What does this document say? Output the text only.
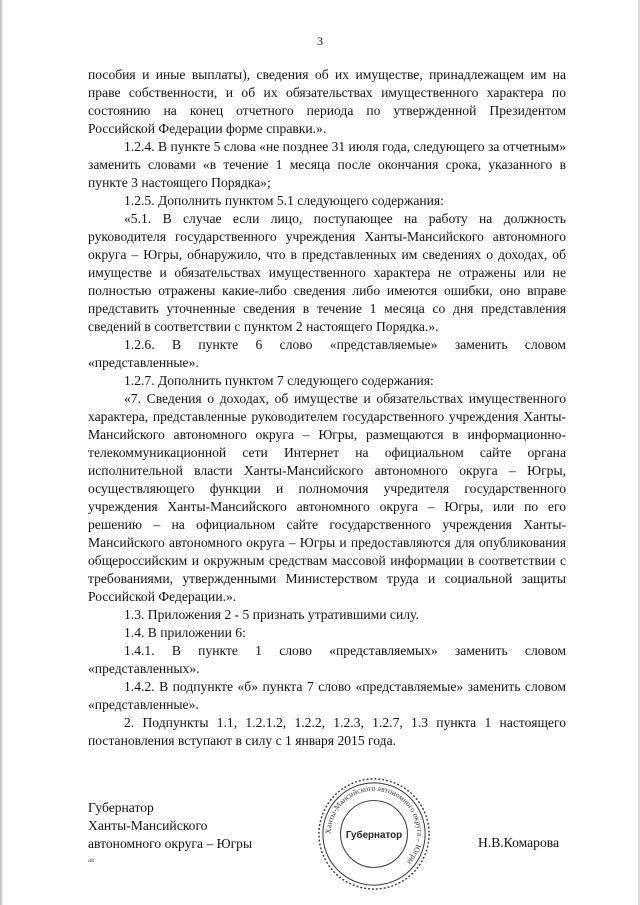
3

пособия и иные выплаты), сведения об их имуществе, принадлежащем им на праве собственности, и об их обязательствах имущественного характера по состоянию на конец отчетного периода по утвержденной Президентом Российской Федерации форме справки.».

1.2.4. В пункте 5 слова «не позднее 31 июля года, следующего за отчетным» заменить словами «в течение 1 месяца после окончания срока, указанного в пункте 3 настоящего Порядка»;

1.2.5. Дополнить пунктом 5.1 следующего содержания:

«5.1. В случае если лицо, поступающее на работу на должность руководителя государственного учреждения Ханты-Мансийского автономного округа – Югры, обнаружило, что в представленных им сведениях о доходах, об имуществе и обязательствах имущественного характера не отражены или не полностью отражены какие-либо сведения либо имеются ошибки, оно вправе представить уточненные сведения в течение 1 месяца со дня представления сведений в соответствии с пунктом 2 настоящего Порядка.».

1.2.6. В пункте 6 слово «представляемые» заменить словом «представленные».

1.2.7. Дополнить пунктом 7 следующего содержания:

«7. Сведения о доходах, об имуществе и обязательствах имущественного характера, представленные руководителем государственного учреждения Ханты-Мансийского автономного округа – Югры, размещаются в информационно-телекоммуникационной сети Интернет на официальном сайте органа исполнительной власти Ханты-Мансийского автономного округа – Югры, осуществляющего функции и полномочия учредителя государственного учреждения Ханты-Мансийского автономного округа – Югры, или по его решению – на официальном сайте государственного учреждения Ханты-Мансийского автономного округа – Югры и предоставляются для опубликования общероссийским и окружным средствам массовой информации в соответствии с требованиями, утвержденными Министерством труда и социальной защиты Российской Федерации.».

1.3. Приложения 2 - 5 признать утратившими силу.

1.4. В приложении 6:

1.4.1. В пункте 1 слово «представляемых» заменить словом «представленных».

1.4.2. В подпункте «б» пункта 7 слово «представляемые» заменить словом «представленные».

2. Подпункты 1.1, 1.2.1.2, 1.2.2, 1.2.3, 1.2.7, 1.3 пункта 1 настоящего постановления вступают в силу с 1 января 2015 года.

Губернатор
Ханты-Мансийского
автономного округа – Югры
ав
Н.В.Комарова
Ханты-Мансийского автономного округа – Югры
Губернатор
